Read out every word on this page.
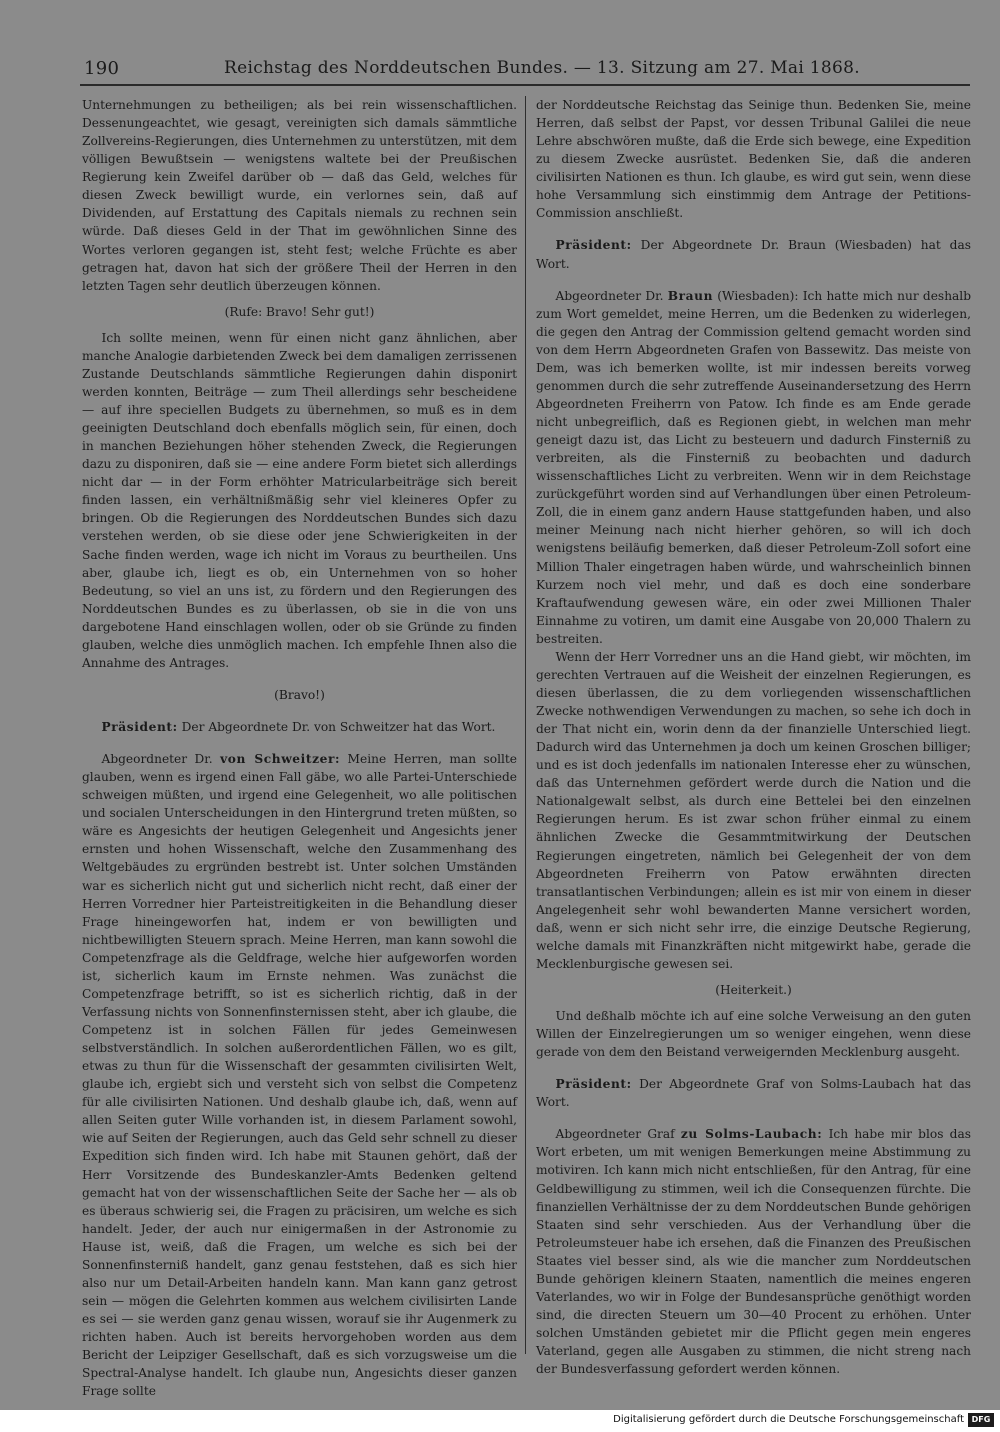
190	Reichstag des Norddeutschen Bundes. — 13. Sitzung am 27. Mai 1868.

Unternehmungen zu betheiligen; als bei rein wissenschaftlichen. Dessenungeachtet, wie gesagt, vereinigten sich damals sämmtliche Zollvereins-Regierungen, dies Unternehmen zu unterstützen, mit dem völligen Bewußtsein — wenigstens waltete bei der Preußischen Regierung kein Zweifel darüber ob — daß das Geld, welches für diesen Zweck bewilligt wurde, ein verlornes sein, daß auf Dividenden, auf Erstattung des Capitals niemals zu rechnen sein würde. Daß dieses Geld in der That im gewöhnlichen Sinne des Wortes verloren gegangen ist, steht fest; welche Früchte es aber getragen hat, davon hat sich der größere Theil der Herren in den letzten Tagen sehr deutlich überzeugen können.

(Rufe: Bravo! Sehr gut!)

Ich sollte meinen, wenn für einen nicht ganz ähnlichen, aber manche Analogie darbietenden Zweck bei dem damaligen zerrissenen Zustande Deutschlands sämmtliche Regierungen dahin disponirt werden konnten, Beiträge — zum Theil allerdings sehr bescheidene — auf ihre speciellen Budgets zu übernehmen, so muß es in dem geeinigten Deutschland doch ebenfalls möglich sein, für einen, doch in manchen Beziehungen höher stehenden Zweck, die Regierungen dazu zu disponiren, daß sie — eine andere Form bietet sich allerdings nicht dar — in der Form erhöhter Matricularbeiträge sich bereit finden lassen, ein verhältnißmäßig sehr viel kleineres Opfer zu bringen. Ob die Regierungen des Norddeutschen Bundes sich dazu verstehen werden, ob sie diese oder jene Schwierigkeiten in der Sache finden werden, wage ich nicht im Voraus zu beurtheilen. Uns aber, glaube ich, liegt es ob, ein Unternehmen von so hoher Bedeutung, so viel an uns ist, zu fördern und den Regierungen des Norddeutschen Bundes es zu überlassen, ob sie in die von uns dargebotene Hand einschlagen wollen, oder ob sie Gründe zu finden glauben, welche dies unmöglich machen. Ich empfehle Ihnen also die Annahme des Antrages.

(Bravo!)

Präsident: Der Abgeordnete Dr. von Schweitzer hat das Wort.

Abgeordneter Dr. von Schweitzer: Meine Herren, man sollte glauben, wenn es irgend einen Fall gäbe, wo alle Partei-Unterschiede schweigen müßten, und irgend eine Gelegenheit, wo alle politischen und socialen Unterscheidungen in den Hintergrund treten müßten, so wäre es Angesichts der heutigen Gelegenheit und Angesichts jener ernsten und hohen Wissenschaft, welche den Zusammenhang des Weltgebäudes zu ergründen bestrebt ist. Unter solchen Umständen war es sicherlich nicht gut und sicherlich nicht recht, daß einer der Herren Vorredner hier Parteistreitigkeiten in die Behandlung dieser Frage hineingeworfen hat, indem er von bewilligten und nichtbewilligten Steuern sprach. Meine Herren, man kann sowohl die Competenzfrage als die Geldfrage, welche hier aufgeworfen worden ist, sicherlich kaum im Ernste nehmen. Was zunächst die Competenzfrage betrifft, so ist es sicherlich richtig, daß in der Verfassung nichts von Sonnenfinsternissen steht, aber ich glaube, die Competenz ist in solchen Fällen für jedes Gemeinwesen selbstverständlich. In solchen außerordentlichen Fällen, wo es gilt, etwas zu thun für die Wissenschaft der gesammten civilisirten Welt, glaube ich, ergiebt sich und versteht sich von selbst die Competenz für alle civilisirten Nationen. Und deshalb glaube ich, daß, wenn auf allen Seiten guter Wille vorhanden ist, in diesem Parlament sowohl, wie auf Seiten der Regierungen, auch das Geld sehr schnell zu dieser Expedition sich finden wird. Ich habe mit Staunen gehört, daß der Herr Vorsitzende des Bundeskanzler-Amts Bedenken geltend gemacht hat von der wissenschaftlichen Seite der Sache her — als ob es überaus schwierig sei, die Fragen zu präcisiren, um welche es sich handelt. Jeder, der auch nur einigermaßen in der Astronomie zu Hause ist, weiß, daß die Fragen, um welche es sich bei der Sonnenfinsterniß handelt, ganz genau feststehen, daß es sich hier also nur um Detail-Arbeiten handeln kann. Man kann ganz getrost sein — mögen die Gelehrten kommen aus welchem civilisirten Lande es sei — sie werden ganz genau wissen, worauf sie ihr Augenmerk zu richten haben. Auch ist bereits hervorgehoben worden aus dem Bericht der Leipziger Gesellschaft, daß es sich vorzugsweise um die Spectral-Analyse handelt. Ich glaube nun, Angesichts dieser ganzen Frage sollte

der Norddeutsche Reichstag das Seinige thun. Bedenken Sie, meine Herren, daß selbst der Papst, vor dessen Tribunal Galilei die neue Lehre abschwören mußte, daß die Erde sich bewege, eine Expedition zu diesem Zwecke ausrüstet. Bedenken Sie, daß die anderen civilisirten Nationen es thun. Ich glaube, es wird gut sein, wenn diese hohe Versammlung sich einstimmig dem Antrage der Petitions-Commission anschließt.

Präsident: Der Abgeordnete Dr. Braun (Wiesbaden) hat das Wort.

Abgeordneter Dr. Braun (Wiesbaden): Ich hatte mich nur deshalb zum Wort gemeldet, meine Herren, um die Bedenken zu widerlegen, die gegen den Antrag der Commission geltend gemacht worden sind von dem Herrn Abgeordneten Grafen von Bassewitz. Das meiste von Dem, was ich bemerken wollte, ist mir indessen bereits vorweg genommen durch die sehr zutreffende Auseinandersetzung des Herrn Abgeordneten Freiherrn von Patow. Ich finde es am Ende gerade nicht unbegreiflich, daß es Regionen giebt, in welchen man mehr geneigt dazu ist, das Licht zu besteuern und dadurch Finsterniß zu verbreiten, als die Finsterniß zu beobachten und dadurch wissenschaftliches Licht zu verbreiten. Wenn wir in dem Reichstage zurückgeführt worden sind auf Verhandlungen über einen Petroleum-Zoll, die in einem ganz andern Hause stattgefunden haben, und also meiner Meinung nach nicht hierher gehören, so will ich doch wenigstens beiläufig bemerken, daß dieser Petroleum-Zoll sofort eine Million Thaler eingetragen haben würde, und wahrscheinlich binnen Kurzem noch viel mehr, und daß es doch eine sonderbare Kraftaufwendung gewesen wäre, ein oder zwei Millionen Thaler Einnahme zu votiren, um damit eine Ausgabe von 20,000 Thalern zu bestreiten.

Wenn der Herr Vorredner uns an die Hand giebt, wir möchten, im gerechten Vertrauen auf die Weisheit der einzelnen Regierungen, es diesen überlassen, die zu dem vorliegenden wissenschaftlichen Zwecke nothwendigen Verwendungen zu machen, so sehe ich doch in der That nicht ein, worin denn da der finanzielle Unterschied liegt. Dadurch wird das Unternehmen ja doch um keinen Groschen billiger; und es ist doch jedenfalls im nationalen Interesse eher zu wünschen, daß das Unternehmen gefördert werde durch die Nation und die Nationalgewalt selbst, als durch eine Bettelei bei den einzelnen Regierungen herum. Es ist zwar schon früher einmal zu einem ähnlichen Zwecke die Gesammtmitwirkung der Deutschen Regierungen eingetreten, nämlich bei Gelegenheit der von dem Abgeordneten Freiherrn von Patow erwähnten directen transatlantischen Verbindungen; allein es ist mir von einem in dieser Angelegenheit sehr wohl bewanderten Manne versichert worden, daß, wenn er sich nicht sehr irre, die einzige Deutsche Regierung, welche damals mit Finanzkräften nicht mitgewirkt habe, gerade die Mecklenburgische gewesen sei.

(Heiterkeit.)

Und deßhalb möchte ich auf eine solche Verweisung an den guten Willen der Einzelregierungen um so weniger eingehen, wenn diese gerade von dem den Beistand verweigernden Mecklenburg ausgeht.

Präsident: Der Abgeordnete Graf von Solms-Laubach hat das Wort.

Abgeordneter Graf zu Solms-Laubach: Ich habe mir blos das Wort erbeten, um mit wenigen Bemerkungen meine Abstimmung zu motiviren. Ich kann mich nicht entschließen, für den Antrag, für eine Geldbewilligung zu stimmen, weil ich die Consequenzen fürchte. Die finanziellen Verhältnisse der zu dem Norddeutschen Bunde gehörigen Staaten sind sehr verschieden. Aus der Verhandlung über die Petroleumsteuer habe ich ersehen, daß die Finanzen des Preußischen Staates viel besser sind, als wie die mancher zum Norddeutschen Bunde gehörigen kleinern Staaten, namentlich die meines engeren Vaterlandes, wo wir in Folge der Bundesansprüche genöthigt worden sind, die directen Steuern um 30—40 Procent zu erhöhen. Unter solchen Umständen gebietet mir die Pflicht gegen mein engeres Vaterland, gegen alle Ausgaben zu stimmen, die nicht streng nach der Bundesverfassung gefordert werden können.

Digitalisierung gefördert durch die Deutsche Forschungsgemeinschaft DFG
